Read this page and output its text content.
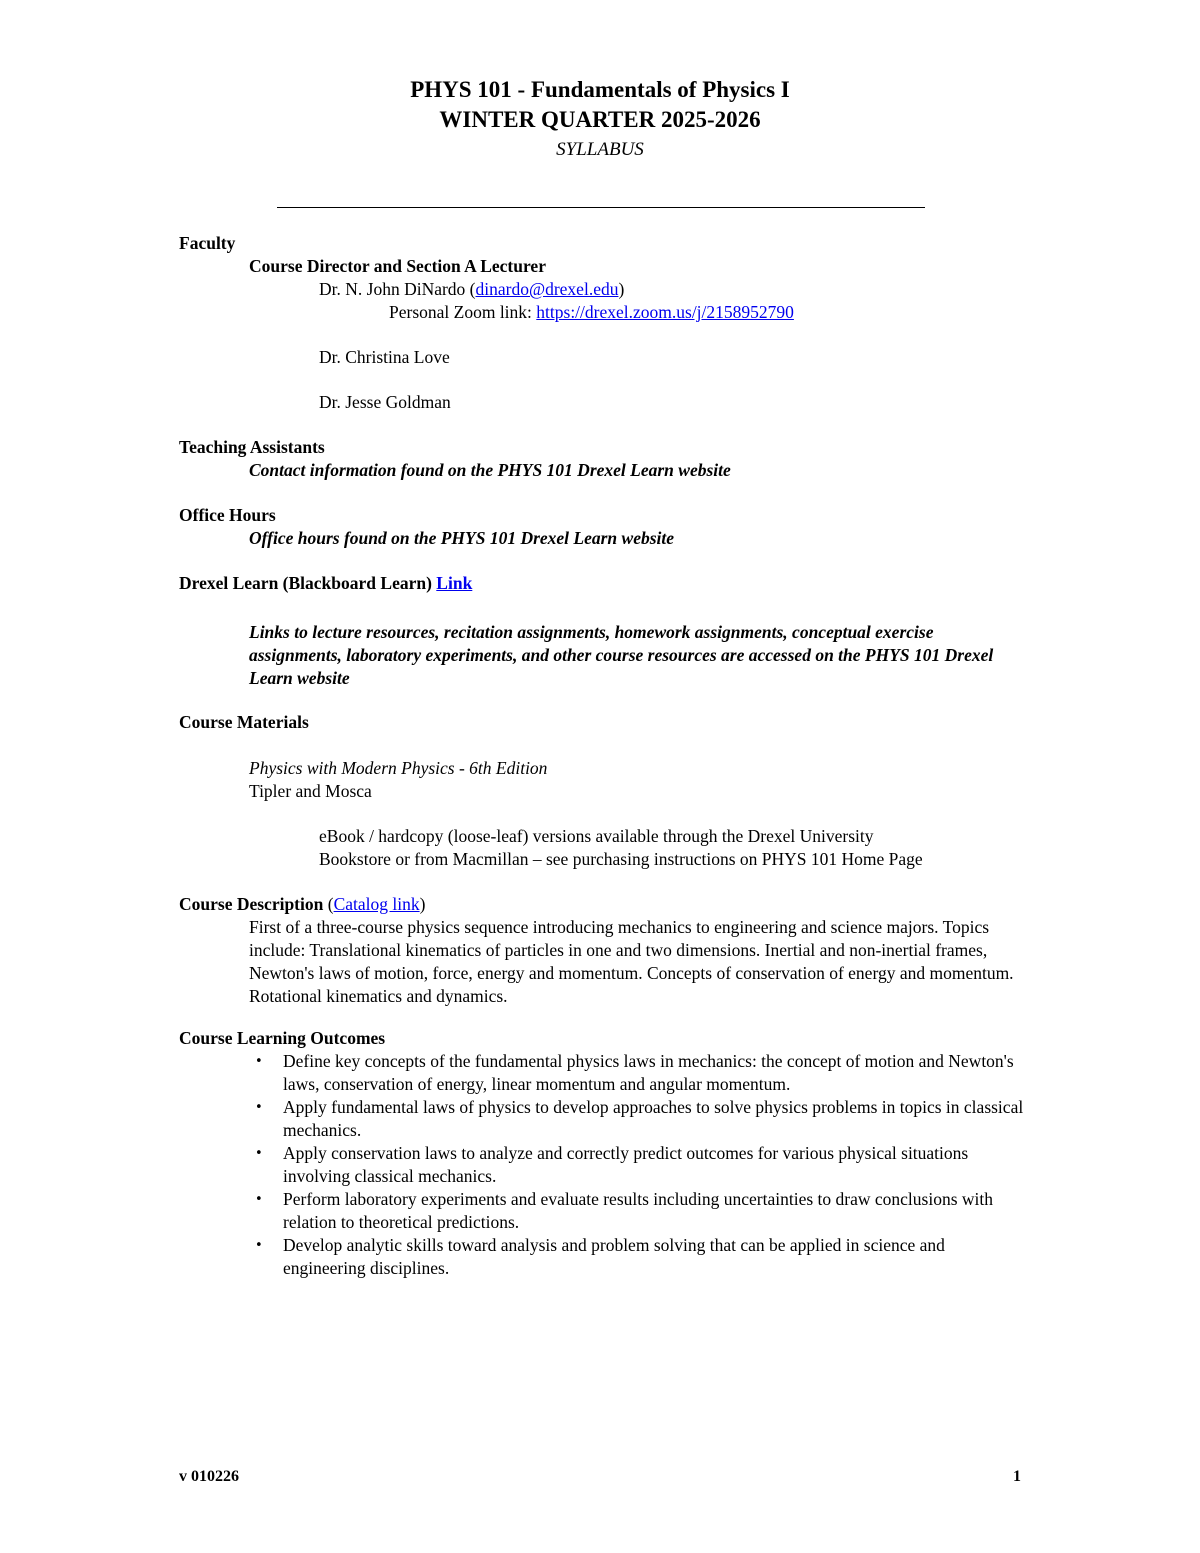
PHYS 101 - Fundamentals of Physics I
WINTER QUARTER 2025-2026
SYLLABUS
Faculty
Course Director and Section A Lecturer
Dr. N. John DiNardo (dinardo@drexel.edu)
Personal Zoom link: https://drexel.zoom.us/j/2158952790
Dr. Christina Love
Dr. Jesse Goldman
Teaching Assistants
Contact information found on the PHYS 101 Drexel Learn website
Office Hours
Office hours found on the PHYS 101 Drexel Learn website
Drexel Learn (Blackboard Learn) Link
Links to lecture resources, recitation assignments, homework assignments, conceptual exercise assignments, laboratory experiments, and other course resources are accessed on the PHYS 101 Drexel Learn website
Course Materials
Physics with Modern Physics - 6th Edition
Tipler and Mosca
eBook / hardcopy (loose-leaf) versions available through the Drexel University
Bookstore or from Macmillan – see purchasing instructions on PHYS 101 Home Page
Course Description (Catalog link)
First of a three-course physics sequence introducing mechanics to engineering and science majors. Topics include: Translational kinematics of particles in one and two dimensions. Inertial and non-inertial frames, Newton's laws of motion, force, energy and momentum. Concepts of conservation of energy and momentum. Rotational kinematics and dynamics.
Course Learning Outcomes
• Define key concepts of the fundamental physics laws in mechanics: the concept of motion and Newton's laws, conservation of energy, linear momentum and angular momentum.
• Apply fundamental laws of physics to develop approaches to solve physics problems in topics in classical mechanics.
• Apply conservation laws to analyze and correctly predict outcomes for various physical situations involving classical mechanics.
• Perform laboratory experiments and evaluate results including uncertainties to draw conclusions with relation to theoretical predictions.
• Develop analytic skills toward analysis and problem solving that can be applied in science and engineering disciplines.
v 010226	1
